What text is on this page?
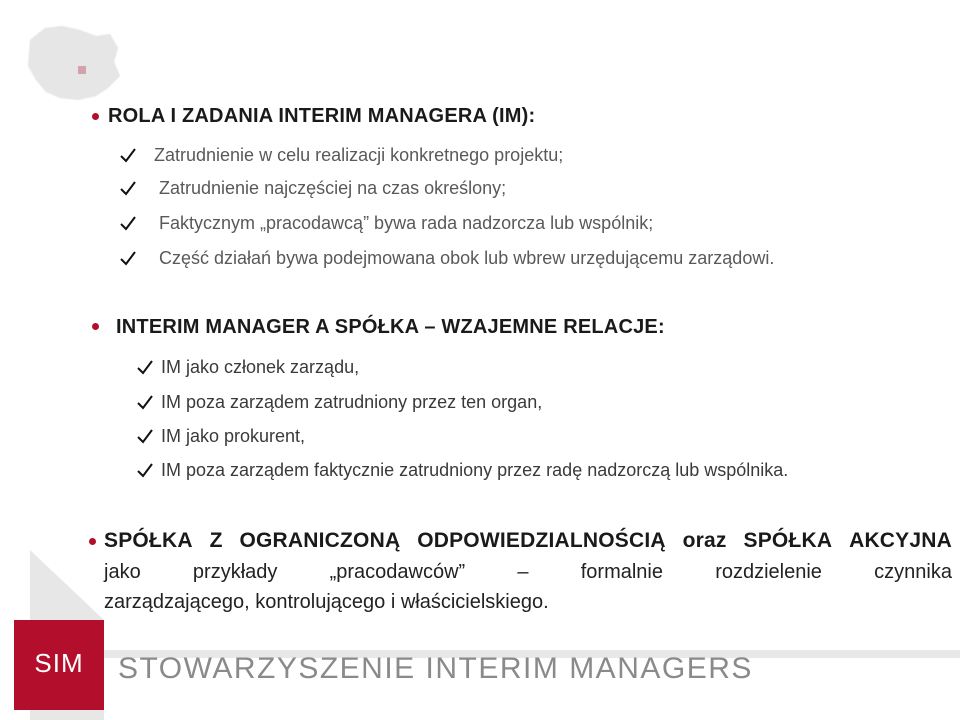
ROLA I ZADANIA INTERIM MANAGERA (IM):
Zatrudnienie w celu realizacji konkretnego projektu;
Zatrudnienie najczęściej na czas określony;
Faktycznym „pracodawcą” bywa rada nadzorcza lub wspólnik;
Część działań bywa podejmowana obok lub wbrew urzędującemu zarządowi.
INTERIM MANAGER A SPÓŁKA – WZAJEMNE RELACJE:
IM jako członek zarządu,
IM poza zarządem zatrudniony przez ten organ,
IM jako prokurent,
IM poza zarządem faktycznie zatrudniony przez radę nadzorczą lub wspólnika.
SPÓŁKA Z OGRANICZONĄ ODPOWIEDZIALNOŚCIĄ oraz SPÓŁKA AKCYJNA
jako	przykłady	„pracodawców”	–	formalnie	rozdzielenie	czynnika
zarządzającego, kontrolującego i właścicielskiego.
SIM	STOWARZYSZENIE INTERIM MANAGERS
